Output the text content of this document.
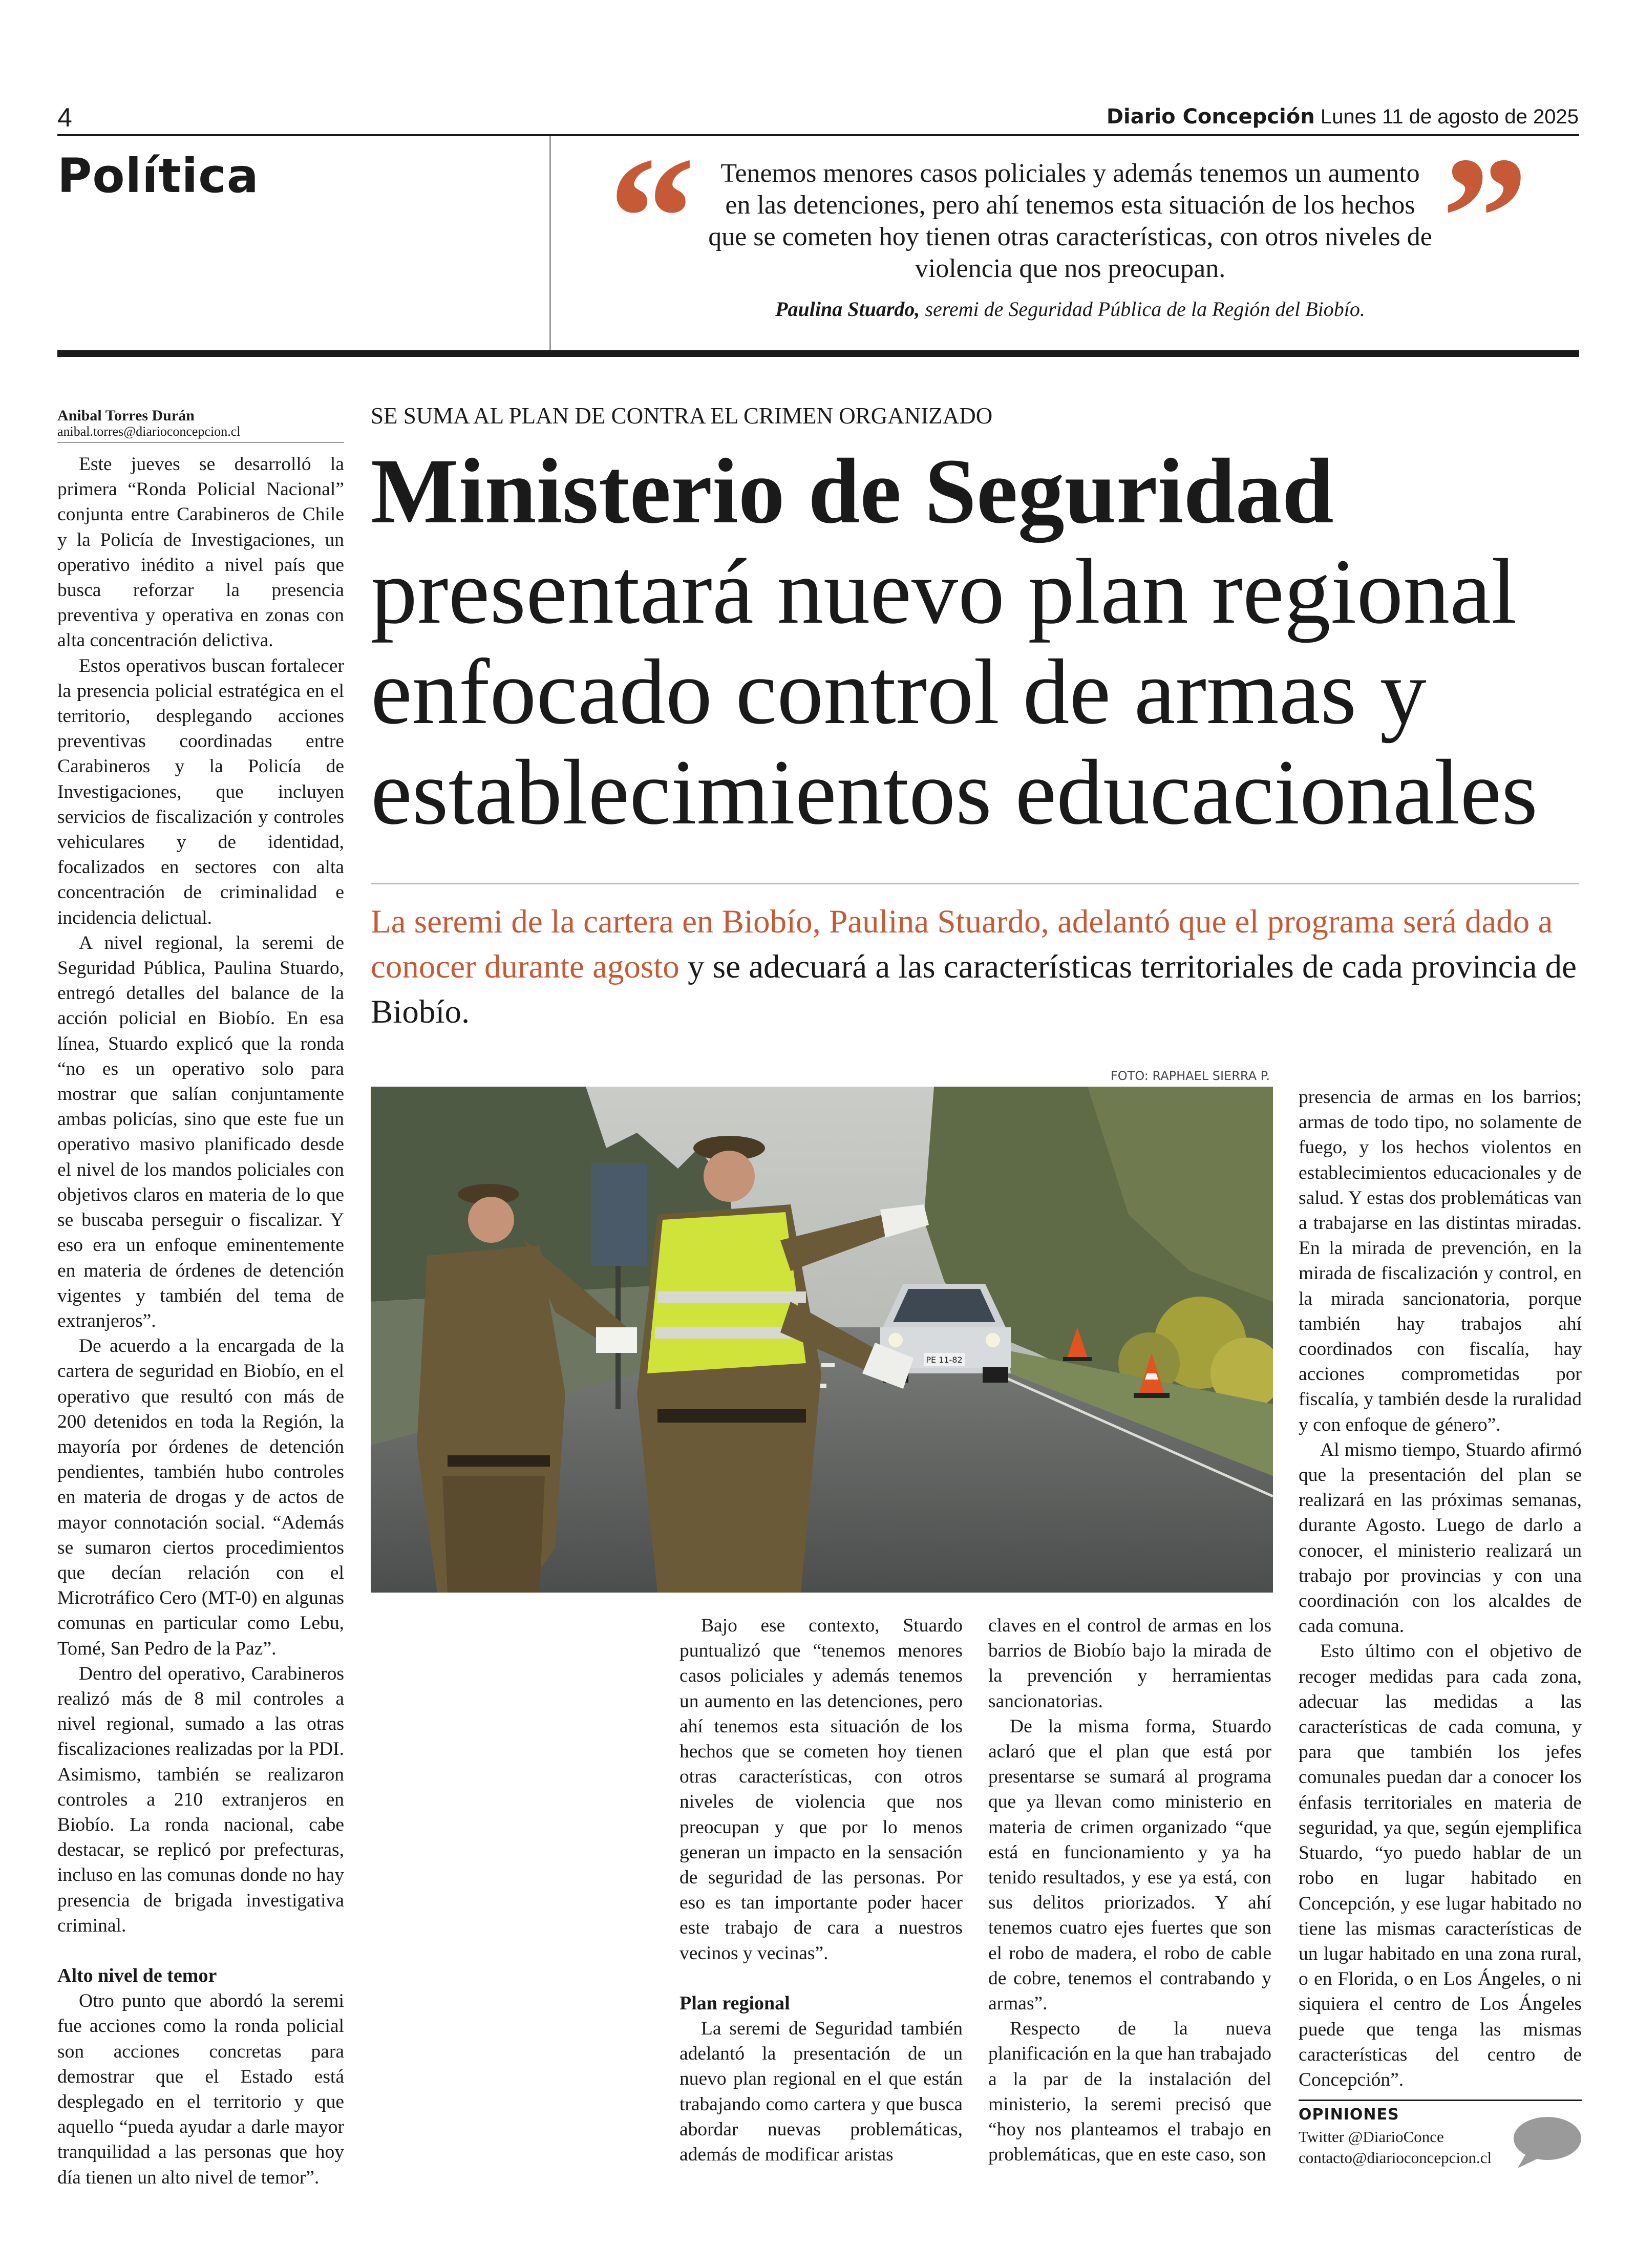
4	Diario Concepción Lunes 11 de agosto de 2025
Política “	”
Tenemos menores casos policiales y además tenemos un aumento en las detenciones, pero ahí tenemos esta situación de los hechos que se cometen hoy tienen otras características, con otros niveles de violencia que nos preocupan.
Paulina Stuardo, seremi de Seguridad Pública de la Región del Biobío.
Anibal Torres Durán
anibal.torres@diarioconcepcion.cl
SE SUMA AL PLAN DE CONTRA EL CRIMEN ORGANIZADO
Ministerio de Seguridad
presentará nuevo plan regional
enfocado control de armas y
establecimientos educacionales
La seremi de la cartera en Biobío, Paulina Stuardo, adelantó que el programa será dado a conocer durante agosto y se adecuará a las características territoriales de cada provincia de Biobío.
FOTO: RAPHAEL SIERRA P.
PE 11-82

Este jueves se desarrolló la primera “Ronda Policial Nacional” conjunta entre Carabineros de Chile y la Policía de Investigaciones, un operativo inédito a nivel país que busca reforzar la presencia preventiva y operativa en zonas con alta concentración delictiva.

Estos operativos buscan fortalecer la presencia policial estratégica en el territorio, desplegando acciones preventivas coordinadas entre Carabineros y la Policía de Investigaciones, que incluyen servicios de fiscalización y controles vehiculares y de identidad, focalizados en sectores con alta concentración de criminalidad e incidencia delictual.

A nivel regional, la seremi de Seguridad Pública, Paulina Stuardo, entregó detalles del balance de la acción policial en Biobío. En esa línea, Stuardo explicó que la ronda “no es un operativo solo para mostrar que salían conjuntamente ambas policías, sino que este fue un operativo masivo planificado desde el nivel de los mandos policiales con objetivos claros en materia de lo que se buscaba perseguir o fiscalizar. Y eso era un enfoque eminentemente en materia de órdenes de detención vigentes y también del tema de extranjeros”.

De acuerdo a la encargada de la cartera de seguridad en Biobío, en el operativo que resultó con más de 200 detenidos en toda la Región, la mayoría por órdenes de detención pendientes, también hubo controles en materia de drogas y de actos de mayor connotación social. “Además se sumaron ciertos procedimientos que decían relación con el Microtráfico Cero (MT-0) en algunas comunas en particular como Lebu, Tomé, San Pedro de la Paz”.

Dentro del operativo, Carabineros realizó más de 8 mil controles a nivel regional, sumado a las otras fiscalizaciones realizadas por la PDI. Asimismo, también se realizaron controles a 210 extranjeros en Biobío. La ronda nacional, cabe destacar, se replicó por prefecturas, incluso en las comunas donde no hay presencia de brigada investigativa criminal.

Alto nivel de temor

Otro punto que abordó la seremi fue acciones como la ronda policial son acciones concretas para demostrar que el Estado está desplegado en el territorio y que aquello “pueda ayudar a darle mayor tranquilidad a las personas que hoy día tienen un alto nivel de temor”.

Bajo ese contexto, Stuardo puntualizó que “tenemos menores casos policiales y además tenemos un aumento en las detenciones, pero ahí tenemos esta situación de los hechos que se cometen hoy tienen otras características, con otros niveles de violencia que nos preocupan y que por lo menos generan un impacto en la sensación de seguridad de las personas. Por eso es tan importante poder hacer este trabajo de cara a nuestros vecinos y vecinas”.

Plan regional

La seremi de Seguridad también adelantó la presentación de un nuevo plan regional en el que están trabajando como cartera y que busca abordar nuevas problemáticas, además de modificar aristas

claves en el control de armas en los barrios de Biobío bajo la mirada de la prevención y herramientas sancionatorias.

De la misma forma, Stuardo aclaró que el plan que está por presentarse se sumará al programa que ya llevan como ministerio en materia de crimen organizado “que está en funcionamiento y ya ha tenido resultados, y ese ya está, con sus delitos priorizados. Y ahí tenemos cuatro ejes fuertes que son el robo de madera, el robo de cable de cobre, tenemos el contrabando y armas”.

Respecto de la nueva planificación en la que han trabajado a la par de la instalación del ministerio, la seremi precisó que “hoy nos planteamos el trabajo en problemáticas, que en este caso, son

presencia de armas en los barrios; armas de todo tipo, no solamente de fuego, y los hechos violentos en establecimientos educacionales y de salud. Y estas dos problemáticas van a trabajarse en las distintas miradas. En la mirada de prevención, en la mirada de fiscalización y control, en la mirada sancionatoria, porque también hay trabajos ahí coordinados con fiscalía, hay acciones comprometidas por fiscalía, y también desde la ruralidad y con enfoque de género”.

Al mismo tiempo, Stuardo afirmó que la presentación del plan se realizará en las próximas semanas, durante Agosto. Luego de darlo a conocer, el ministerio realizará un trabajo por provincias y con una coordinación con los alcaldes de cada comuna.

Esto último con el objetivo de recoger medidas para cada zona, adecuar las medidas a las características de cada comuna, y para que también los jefes comunales puedan dar a conocer los énfasis territoriales en materia de seguridad, ya que, según ejemplifica Stuardo, “yo puedo hablar de un robo en lugar habitado en Concepción, y ese lugar habitado no tiene las mismas características de un lugar habitado en una zona rural, o en Florida, o en Los Ángeles, o ni siquiera el centro de Los Ángeles puede que tenga las mismas características del centro de Concepción”.

OPINIONES
Twitter @DiarioConce
contacto@diarioconcepcion.cl
